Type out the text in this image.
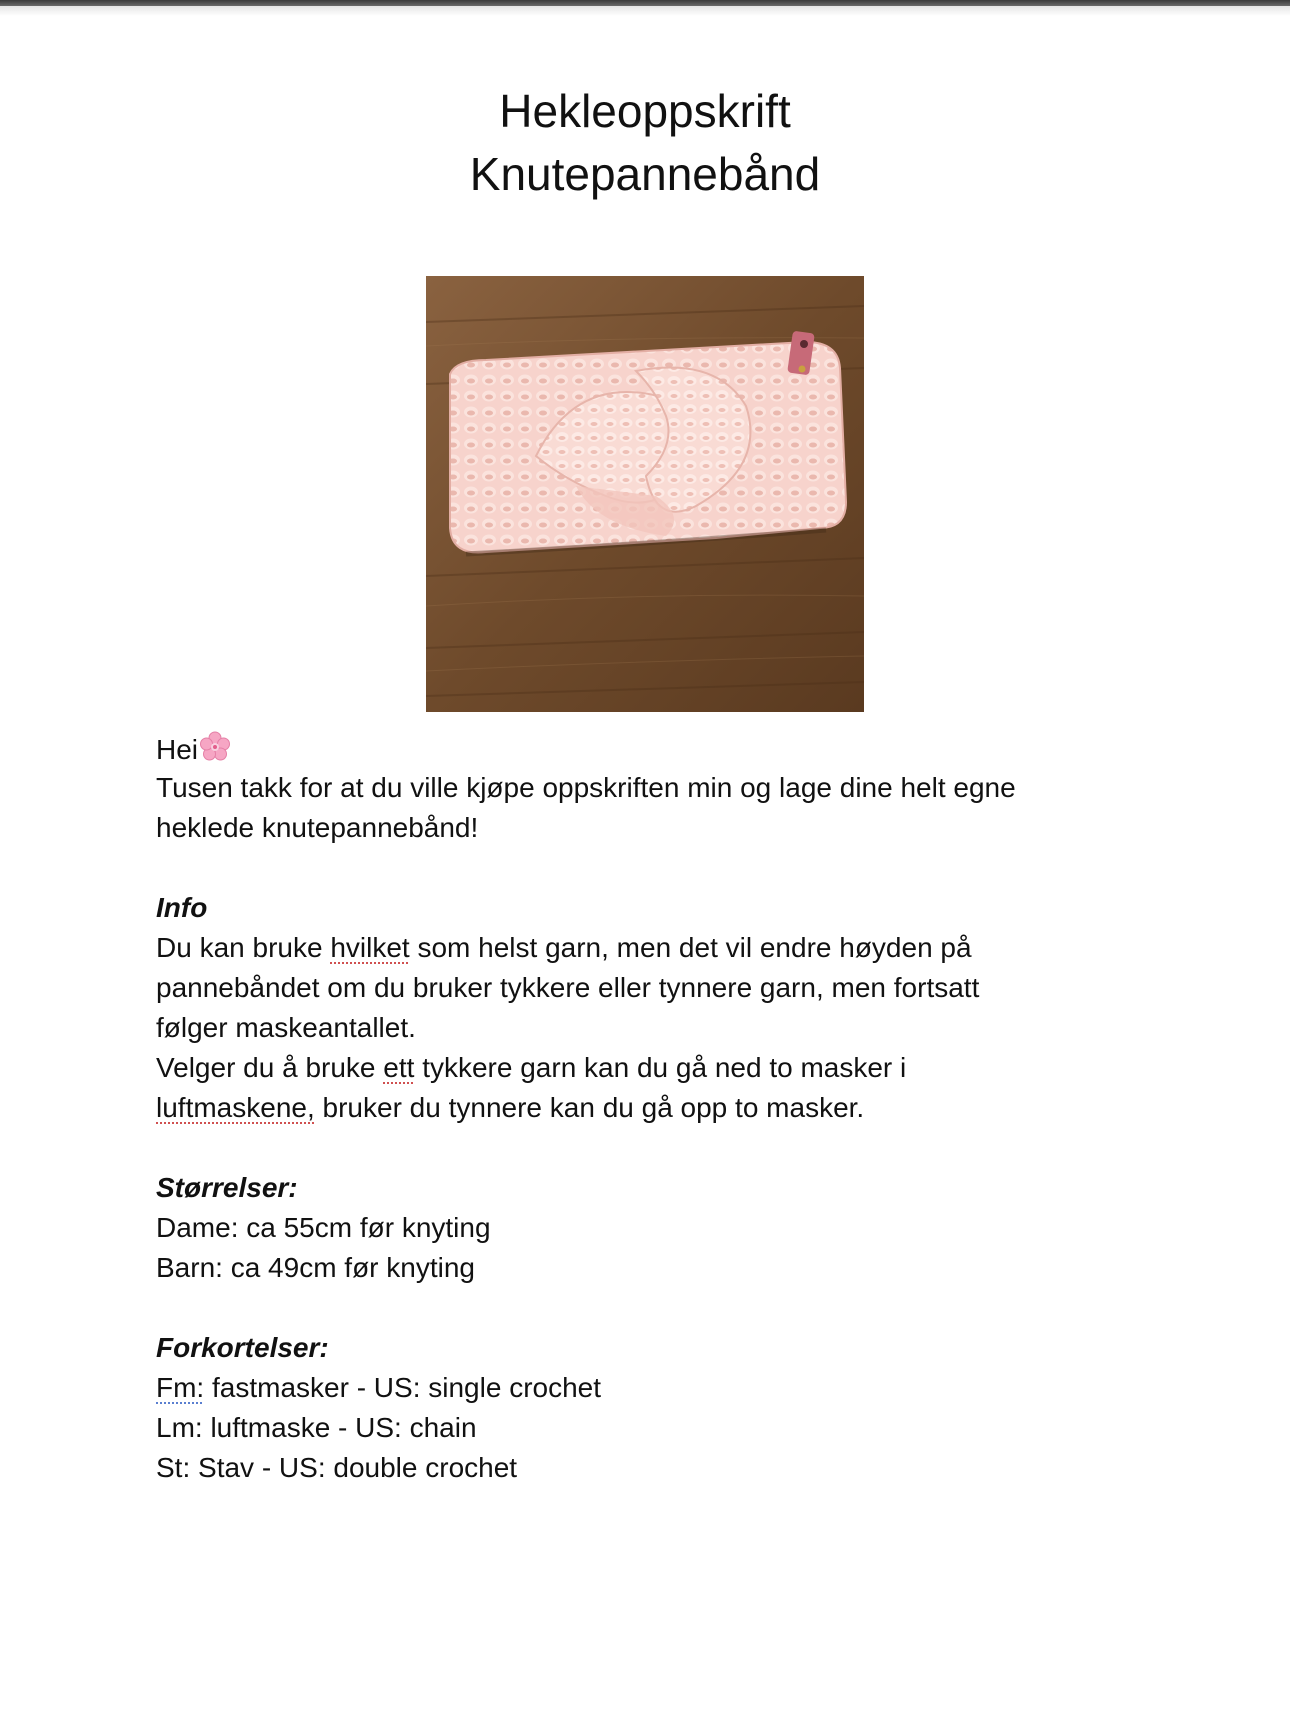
Hekleoppskrift
Knutepannebånd
Hei
Tusen takk for at du ville kjøpe oppskriften min og lage dine helt egne
heklede knutepannebånd!
Info
Du kan bruke hvilket som helst garn, men det vil endre høyden på
pannebåndet om du bruker tykkere eller tynnere garn, men fortsatt
følger maskeantallet.
Velger du å bruke ett tykkere garn kan du gå ned to masker i
luftmaskene, bruker du tynnere kan du gå opp to masker.
Størrelser:
Dame: ca 55cm før knyting
Barn: ca 49cm før knyting
Forkortelser:
Fm: fastmasker - US: single crochet
Lm: luftmaske - US: chain
St: Stav - US: double crochet
